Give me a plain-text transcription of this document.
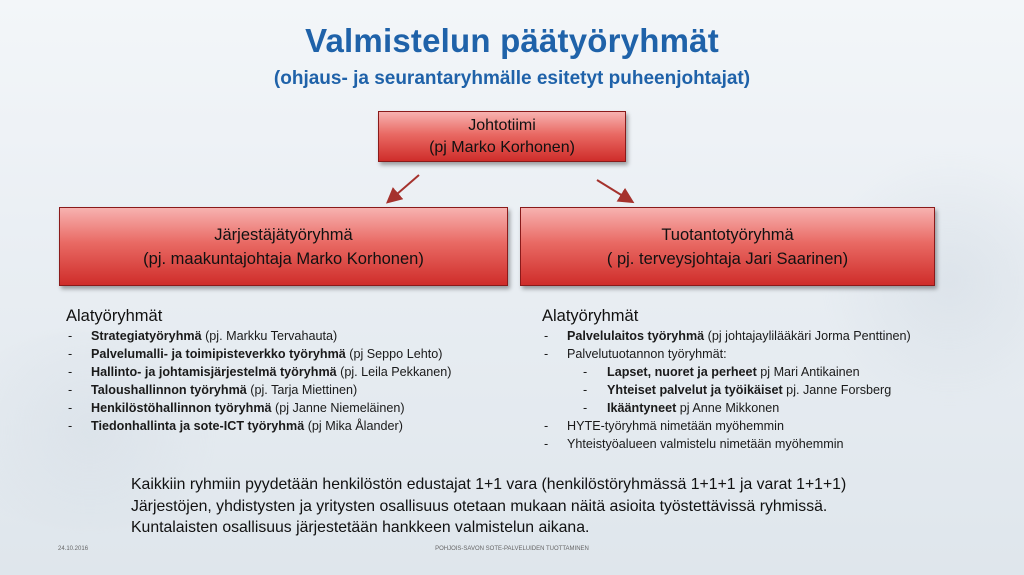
Valmistelun päätyöryhmät
(ohjaus- ja seurantaryhmälle esitetyt puheenjohtajat)
Johtotiimi
(pj Marko Korhonen)
Järjestäjätyöryhmä
(pj. maakuntajohtaja Marko Korhonen)
Tuotantotyöryhmä
( pj. terveysjohtaja Jari Saarinen)
Alatyöryhmät
- Strategiatyöryhmä (pj. Markku Tervahauta)
- Palvelumalli- ja toimipisteverkko työryhmä (pj Seppo Lehto)
- Hallinto- ja johtamisjärjestelmä työryhmä (pj. Leila Pekkanen)
- Taloushallinnon työryhmä (pj. Tarja Miettinen)
- Henkilöstöhallinnon työryhmä (pj Janne Niemeläinen)
- Tiedonhallinta ja sote-ICT työryhmä (pj Mika Ålander)
Alatyöryhmät
- Palvelulaitos työryhmä (pj johtajaylilääkäri Jorma Penttinen)
- Palvelutuotannon työryhmät:
- Lapset, nuoret ja perheet pj Mari Antikainen
- Yhteiset palvelut ja työikäiset pj. Janne Forsberg
- Ikääntyneet pj Anne Mikkonen
- HYTE-työryhmä nimetään myöhemmin
- Yhteistyöalueen valmistelu nimetään myöhemmin
Kaikkiin ryhmiin pyydetään henkilöstön edustajat 1+1 vara (henkilöstöryhmässä 1+1+1 ja varat 1+1+1)
Järjestöjen, yhdistysten ja yritysten osallisuus otetaan mukaan näitä asioita työstettävissä ryhmissä.
Kuntalaisten osallisuus järjestetään hankkeen valmistelun aikana.
24.10.2016	POHJOIS-SAVON SOTE-PALVELUIDEN TUOTTAMINEN
